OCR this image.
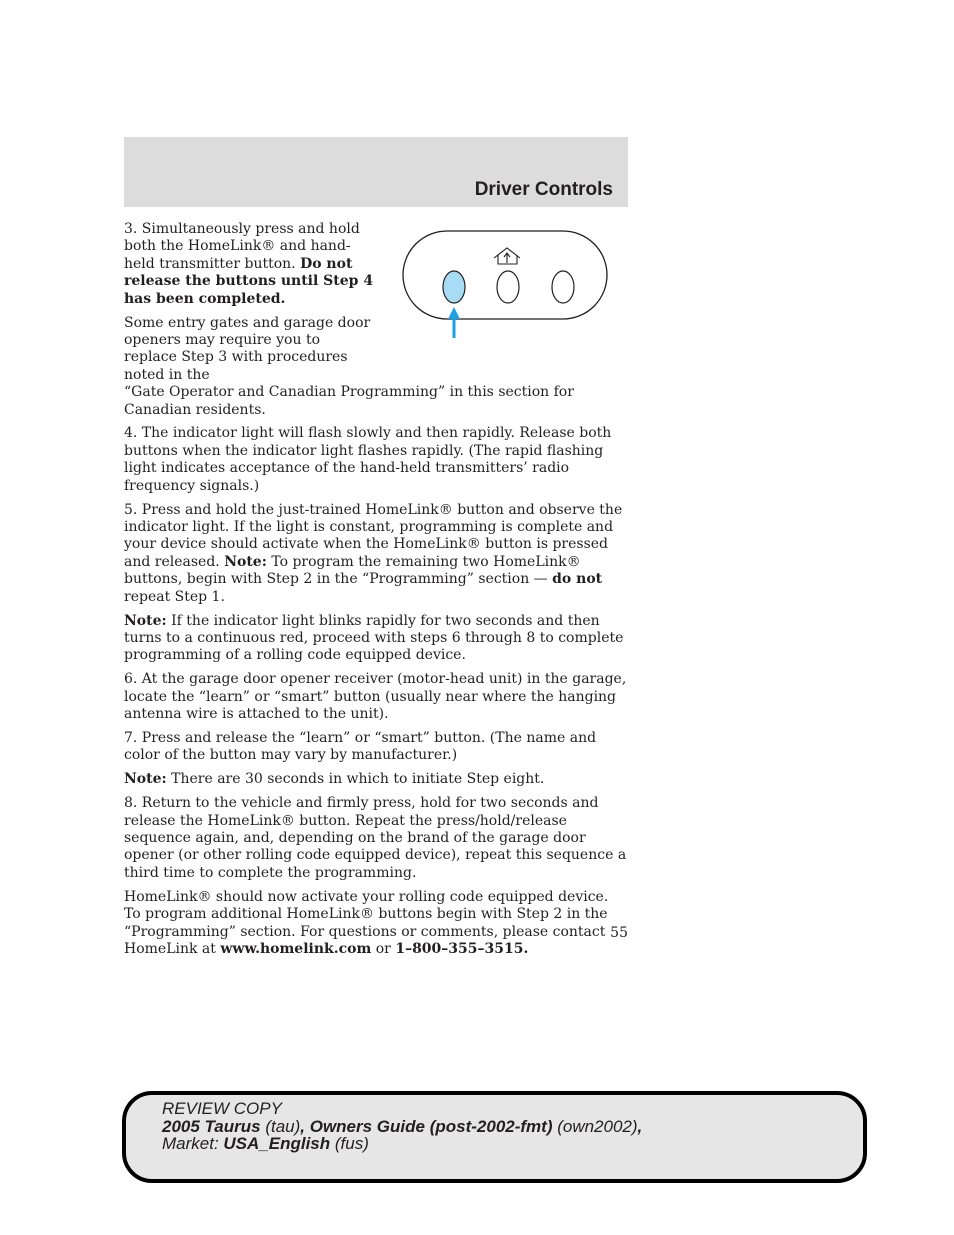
Driver Controls

3. Simultaneously press and hold both the HomeLink® and hand-held transmitter button. Do not release the buttons until Step 4 has been completed.

Some entry gates and garage door openers may require you to replace Step 3 with procedures noted in the
“Gate Operator and Canadian Programming” in this section for Canadian residents.

4. The indicator light will flash slowly and then rapidly. Release both buttons when the indicator light flashes rapidly. (The rapid flashing light indicates acceptance of the hand-held transmitters’ radio frequency signals.)

5. Press and hold the just-trained HomeLink® button and observe the indicator light. If the light is constant, programming is complete and your device should activate when the HomeLink® button is pressed and released. Note: To program the remaining two HomeLink® buttons, begin with Step 2 in the “Programming” section — do not repeat Step 1.

Note: If the indicator light blinks rapidly for two seconds and then turns to a continuous red, proceed with steps 6 through 8 to complete programming of a rolling code equipped device.

6. At the garage door opener receiver (motor-head unit) in the garage, locate the “learn” or “smart” button (usually near where the hanging antenna wire is attached to the unit).

7. Press and release the “learn” or “smart” button. (The name and color of the button may vary by manufacturer.)

Note: There are 30 seconds in which to initiate Step eight.

8. Return to the vehicle and firmly press, hold for two seconds and release the HomeLink® button. Repeat the press/hold/release sequence again, and, depending on the brand of the garage door opener (or other rolling code equipped device), repeat this sequence a third time to complete the programming.

HomeLink® should now activate your rolling code equipped device. To program additional HomeLink® buttons begin with Step 2 in the “Programming” section. For questions or comments, please contact HomeLink at www.homelink.com or 1–800–355–3515.

55
REVIEW COPY
2005 Taurus (tau), Owners Guide (post-2002-fmt) (own2002),
Market: USA_English (fus)
